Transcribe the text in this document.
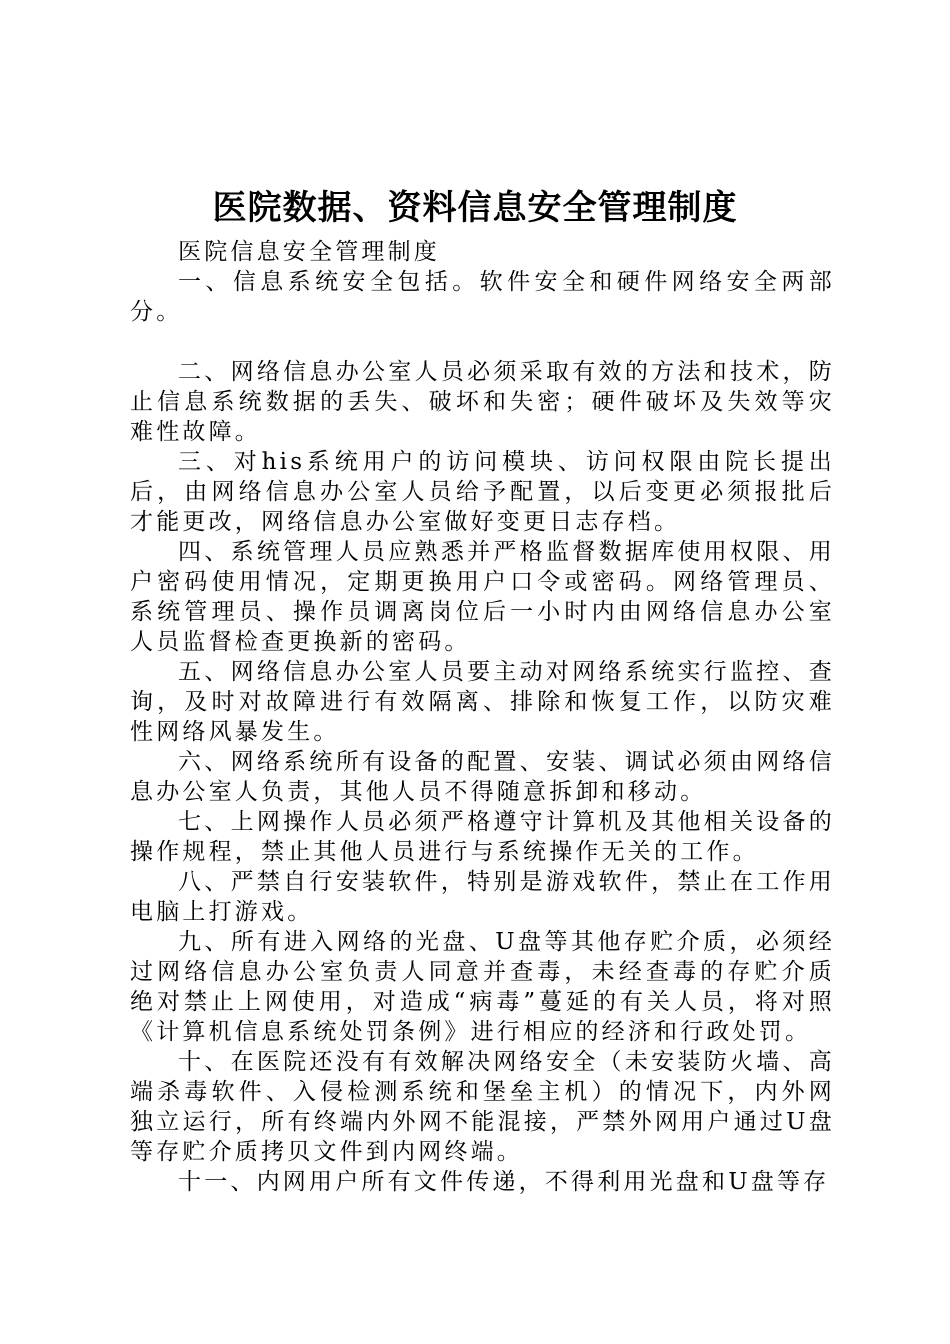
医院数据、资料信息安全管理制度

医院信息安全管理制度

一、信息系统安全包括。软件安全和硬件网络安全两部分。

二、网络信息办公室人员必须采取有效的方法和技术，防止信息系统数据的丢失、破坏和失密；硬件破坏及失效等灾难性故障。

三、对his系统用户的访问模块、访问权限由院长提出后，由网络信息办公室人员给予配置，以后变更必须报批后才能更改，网络信息办公室做好变更日志存档。

四、系统管理人员应熟悉并严格监督数据库使用权限、用户密码使用情况，定期更换用户口令或密码。网络管理员、系统管理员、操作员调离岗位后一小时内由网络信息办公室人员监督检查更换新的密码。

五、网络信息办公室人员要主动对网络系统实行监控、查询，及时对故障进行有效隔离、排除和恢复工作，以防灾难性网络风暴发生。

六、网络系统所有设备的配置、安装、调试必须由网络信息办公室人负责，其他人员不得随意拆卸和移动。

七、上网操作人员必须严格遵守计算机及其他相关设备的操作规程，禁止其他人员进行与系统操作无关的工作。

八、严禁自行安装软件，特别是游戏软件，禁止在工作用电脑上打游戏。

九、所有进入网络的光盘、U盘等其他存贮介质，必须经过网络信息办公室负责人同意并查毒，未经查毒的存贮介质绝对禁止上网使用，对造成“病毒”蔓延的有关人员，将对照《计算机信息系统处罚条例》进行相应的经济和行政处罚。

十、在医院还没有有效解决网络安全（未安装防火墙、高端杀毒软件、入侵检测系统和堡垒主机）的情况下，内外网独立运行，所有终端内外网不能混接，严禁外网用户通过U盘等存贮介质拷贝文件到内网终端。

十一、内网用户所有文件传递，不得利用光盘和U盘等存
